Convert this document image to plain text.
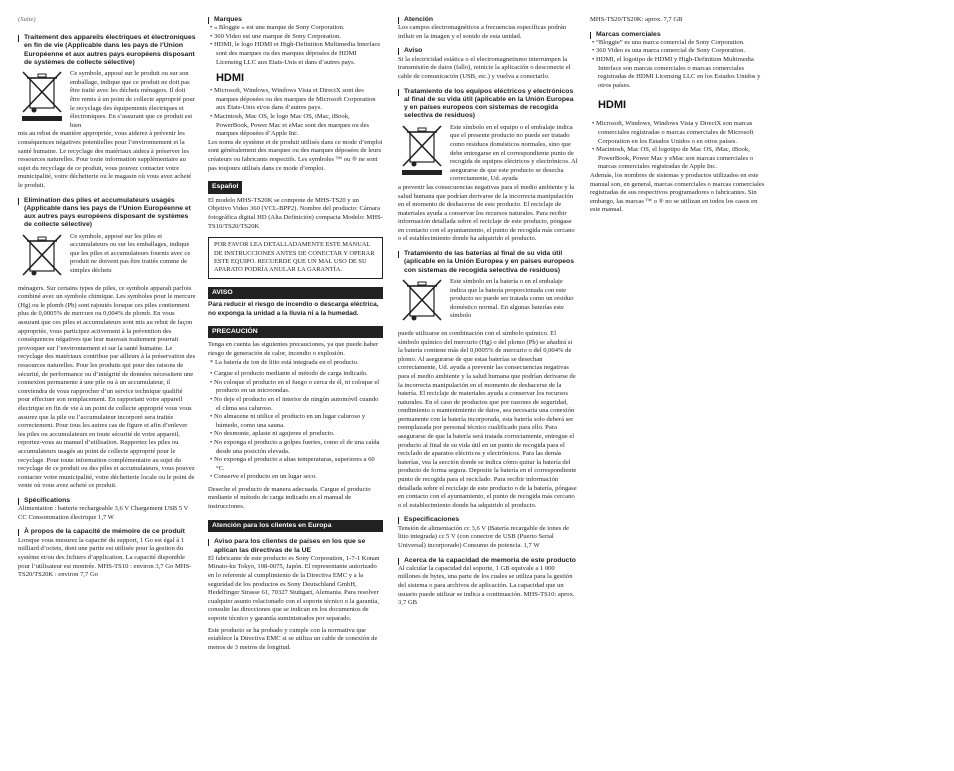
(Suite)
Traitement des appareils électriques et électroniques en fin de vie (Applicable dans les pays de l’Union Européenne et aux autres pays européens disposant de systèmes de collecte sélective)

Ce symbole, apposé sur le produit ou sur son emballage, indique que ce produit ne doit pas être traité avec les déchets ménagers. Il doit être remis à un point de collecte approprié pour le recyclage des équipements électriques et électroniques. En s’assurant que ce produit est bien

mis au rebut de manière appropriée, vous aiderez à prévenir les conséquences négatives potentielles pour l’environnement et la santé humaine. Le recyclage des matériaux aidera à préserver les ressources naturelles. Pour toute information supplémentaire au sujet du recyclage de ce produit, vous pouvez contacter votre municipalité, votre déchetterie ou le magasin où vous avez acheté le produit.

Elimination des piles et accumulateurs usagés (Applicable dans les pays de l’Union Européenne et aux autres pays européens disposant de systèmes de collecte sélective)

Ce symbole, apposé sur les piles et accumulateurs ou sur les emballages, indique que les piles et accumulateurs fournis avec ce produit ne doivent pas être traités comme de simples déchets

ménagers. Sur certains types de piles, ce symbole apparaît parfois combiné avec un symbole chimique. Les symboles pour le mercure (Hg) ou le plomb (Pb) sont rajoutés lorsque ces piles contiennent plus de 0,0005% de mercure ou 0,004% de plomb. En vous assurant que ces piles et accumulateurs sont mis au rebut de façon appropriée, vous participez activement à la prévention des conséquences négatives que leur mauvais traitement pourrait provoquer sur l’environnement et sur la santé humaine. Le recyclage des matériaux contribue par ailleurs à la préservation des ressources naturelles. Pour les produits qui pour des raisons de sécurité, de performance ou d’intégrité de données nécessitent une connexion permanente à une pile ou à un accumulateur, il conviendra de vous rapprocher d’un service technique qualifié pour effectuer son remplacement. En rapportant votre appareil électrique en fin de vie à un point de collecte approprié vous vous assurez que la pile ou l’accumulateur incorporé sera traitée correctement. Pour tous les autres cas de figure et afin d’enlever les piles ou accumulateurs en toute sécurité de votre appareil, reportez-vous au manuel d’utilisation. Rapportez les piles ou accumulateurs usagés au point de collecte approprié pour le recyclage. Pour toute information complémentaire au sujet du recyclage de ce produit ou des piles et accumulateurs, vous pouvez contacter votre municipalité, votre déchetterie locale ou le point de vente où vous avez acheté ce produit.

Spécifications

Alimentation : batterie rechargeable 3,6 V Chargement USB 5 V CC Consommation électrique 1,7 W

À propos de la capacité de mémoire de ce produit

Lorsque vous mesurez la capacité du support, 1 Go est égal à 1 milliard d’octets, dont une partie est utilisée pour la gestion du système et/ou des fichiers d’application. La capacité disponible pour l’utilisateur est montrée. MHS-TS10 : environ 3,7 Go MHS-TS20/TS20K : environ 7,7 Go

Marques

• « Bloggie » est une marque de Sony Corporation.

• 360 Video est une marque de Sony Corporation.

• HDMI, le logo HDMI et High-Definition Multimedia Interface sont des marques ou des marques déposées de HDMI Licensing LLC aux Etats-Unis et dans d’autres pays.

HDMI

• Microsoft, Windows, Windows Vista et DirectX sont des marques déposées ou des marques de Microsoft Corporation aux Etats-Unis et/ou dans d’autres pays.

• Macintosh, Mac OS, le logo Mac OS, iMac, iBook, PowerBook, Power Mac et eMac sont des marques ou des marques déposées d’Apple Inc.

Les noms de système et de produit utilisés dans ce mode d’emploi sont généralement des marques ou des marques déposées de leurs créateurs ou fabricants respectifs. Les symboles ™ ou ® ne sont pas toujours utilisés dans ce mode d’emploi.

Español

El modelo MHS-TS20K se compone de MHS-TS20 y un Objetivo Video 360 (VCL-BPP2). Nombre del producto: Cámara fotográfica digital HD (Alta Definición) compacta Modelo: MHS-TS10/TS20/TS20K

POR FAVOR LEA DETALLADAMENTE ESTE MANUAL DE INSTRUCCIONES ANTES DE CONECTAR Y OPERAR ESTE EQUIPO. RECUERDE QUE UN MAL USO DE SU APARATO PODRÍA ANULAR LA GARANTÍA.
AVISO

Para reducir el riesgo de incendio o descarga eléctrica, no exponga la unidad a la lluvia ni a la humedad.

PRECAUCIÓN

Tenga en cuenta las siguientes precauciones, ya que puede haber riesgo de generación de calor, incendio o explosión.

* La batería de ion de litio está integrada en el producto.

• Cargue el producto mediante el método de carga indicado.

• No coloque el producto en el fuego o cerca de él, ni coloque el producto en un microondas.

• No deje el producto en el interior de ningún automóvil cuando el clima sea caluroso.

• No almacene ni utilice el producto en un lugar caluroso y húmedo, como una sauna.

• No desmonte, aplaste ni agujeree el producto.

• No exponga el producto a golpes fuertes, como el de una caída desde una posición elevada.

• No exponga el producto a altas temperaturas, superiores a 60 °C.

• Conserve el producto en un lugar seco.

Deseche el producto de manera adecuada. Cargue el producto mediante el método de carga indicado en el manual de instrucciones.

Atención para los clientes en Europa
Aviso para los clientes de países en los que se aplican las directivas de la UE

El fabricante de este producto es Sony Corporation, 1-7-1 Konan Minato-ku Tokyo, 108-0075, Japón. El representante autorizado en lo referente al cumplimiento de la Directiva EMC y a la seguridad de los productos es Sony Deutschland GmbH, Hedelfinger Strasse 61, 70327 Stuttgart, Alemania. Para resolver cualquier asunto relacionado con el soporte técnico o la garantía, consulte las direcciones que se indican en los documentos de soporte técnico y garantía suministrados por separado.

Este producto se ha probado y cumple con la normativa que establece la Directiva EMC si se utiliza un cable de conexión de menos de 3 metros de longitud.

Atención

Los campos electromagnéticos a frecuencias específicas podrán influir en la imagen y el sonido de esta unidad.

Aviso

Si la electricidad estática o el electromagnetismo interrumpen la transmisión de datos (fallo), reinicie la aplicación o desconecte el cable de comunicación (USB, etc.) y vuelva a conectarlo.

Tratamiento de los equipos eléctricos y electrónicos al final de su vida útil (aplicable en la Unión Europea y en países europeos con sistemas de recogida selectiva de residuos)

Este símbolo en el equipo o el embalaje indica que el presente producto no puede ser tratado como residuos domésticos normales, sino que debe entregarse en el correspondiente punto de recogida de equipos eléctricos y electrónicos. Al asegurarse de que este producto se desecha correctamente, Ud. ayuda

a prevenir las consecuencias negativas para el medio ambiente y la salud humana que podrían derivarse de la incorrecta manipulación en el momento de deshacerse de este producto. El reciclaje de materiales ayuda a conservar los recursos naturales. Para recibir información detallada sobre el reciclaje de este producto, póngase en contacto con el ayuntamiento, el punto de recogida más cercano o el establecimiento donde ha adquirido el producto.

Tratamiento de las baterías al final de su vida útil (aplicable en la Unión Europea y en países europeos con sistemas de recogida selectiva de residuos)

Este símbolo en la batería o en el embalaje indica que la batería proporcionada con este producto no puede ser tratada como un residuo doméstico normal. En algunas baterías este símbolo

puede utilizarse en combinación con el símbolo químico. El símbolo químico del mercurio (Hg) o del plomo (Pb) se añadirá si la batería contiene más del 0,0005% de mercurio o del 0,004% de plomo. Al asegurarse de que estas baterías se desechan correctamente, Ud. ayuda a prevenir las consecuencias negativas para el medio ambiente y la salud humana que podrían derivarse de la incorrecta manipulación en el momento de deshacerse de la batería. El reciclaje de materiales ayuda a conservar los recursos naturales. En el caso de productos que por razones de seguridad, rendimiento o mantenimiento de datos, sea necesaria una conexión permanente con la batería incorporada, esta batería solo deberá ser reemplazada por personal técnico cualificado para ello. Para asegurarse de que la batería será tratada correctamente, entregue el producto al final de su vida útil en un punto de recogida para el reciclado de aparatos eléctricos y electrónicos. Para las demás baterías, vea la sección donde se indica cómo quitar la batería del producto de forma segura. Deposite la batería en el correspondiente punto de recogida para el reciclado. Para recibir información detallada sobre el reciclaje de este producto o de la batería, póngase en contacto con el ayuntamiento, el punto de recogida más cercano o el establecimiento donde ha adquirido el producto.

Especificaciones

Tensión de alimentación cc 3,6 V (Batería recargable de iones de litio integrada) cc 5 V (con conector de USB (Puerto Serial Universal) incorporado) Consumo de potencia. 1,7 W

Acerca de la capacidad de memoria de este producto

Al calcular la capacidad del soporte, 1 GB equivale a 1 000 millones de bytes, una parte de los cuales se utiliza para la gestión del sistema o para archivos de aplicación. La capacidad que un usuario puede utilizar se indica a continuación. MHS-TS10: aprox. 3,7 GB

MHS-TS20/TS20K: aprox. 7,7 GB

Marcas comerciales

• “Bloggie” es una marca comercial de Sony Corporation.

• 360 Video es una marca comercial de Sony Corporation.

• HDMI, el logotipo de HDMI y High-Definition Multimedia Interface son marcas comerciales o marcas comerciales registradas de HDMI Licensing LLC en los Estados Unidos y otros países.

HDMI

• Microsoft, Windows, Windows Vista y DirectX son marcas comerciales registradas o marcas comerciales de Microsoft Corporation en los Estados Unidos o en otros países.

• Macintosh, Mac OS, el logotipo de Mac OS, iMac, iBook, PowerBook, Power Mac y eMac son marcas comerciales o marcas comerciales registradas de Apple Inc.

Además, los nombres de sistemas y productos utilizados en este manual son, en general, marcas comerciales o marcas comerciales registradas de sus respectivos programadores o fabricantes. Sin embargo, las marcas ™ o ® no se utilizan en todos los casos en este manual.
